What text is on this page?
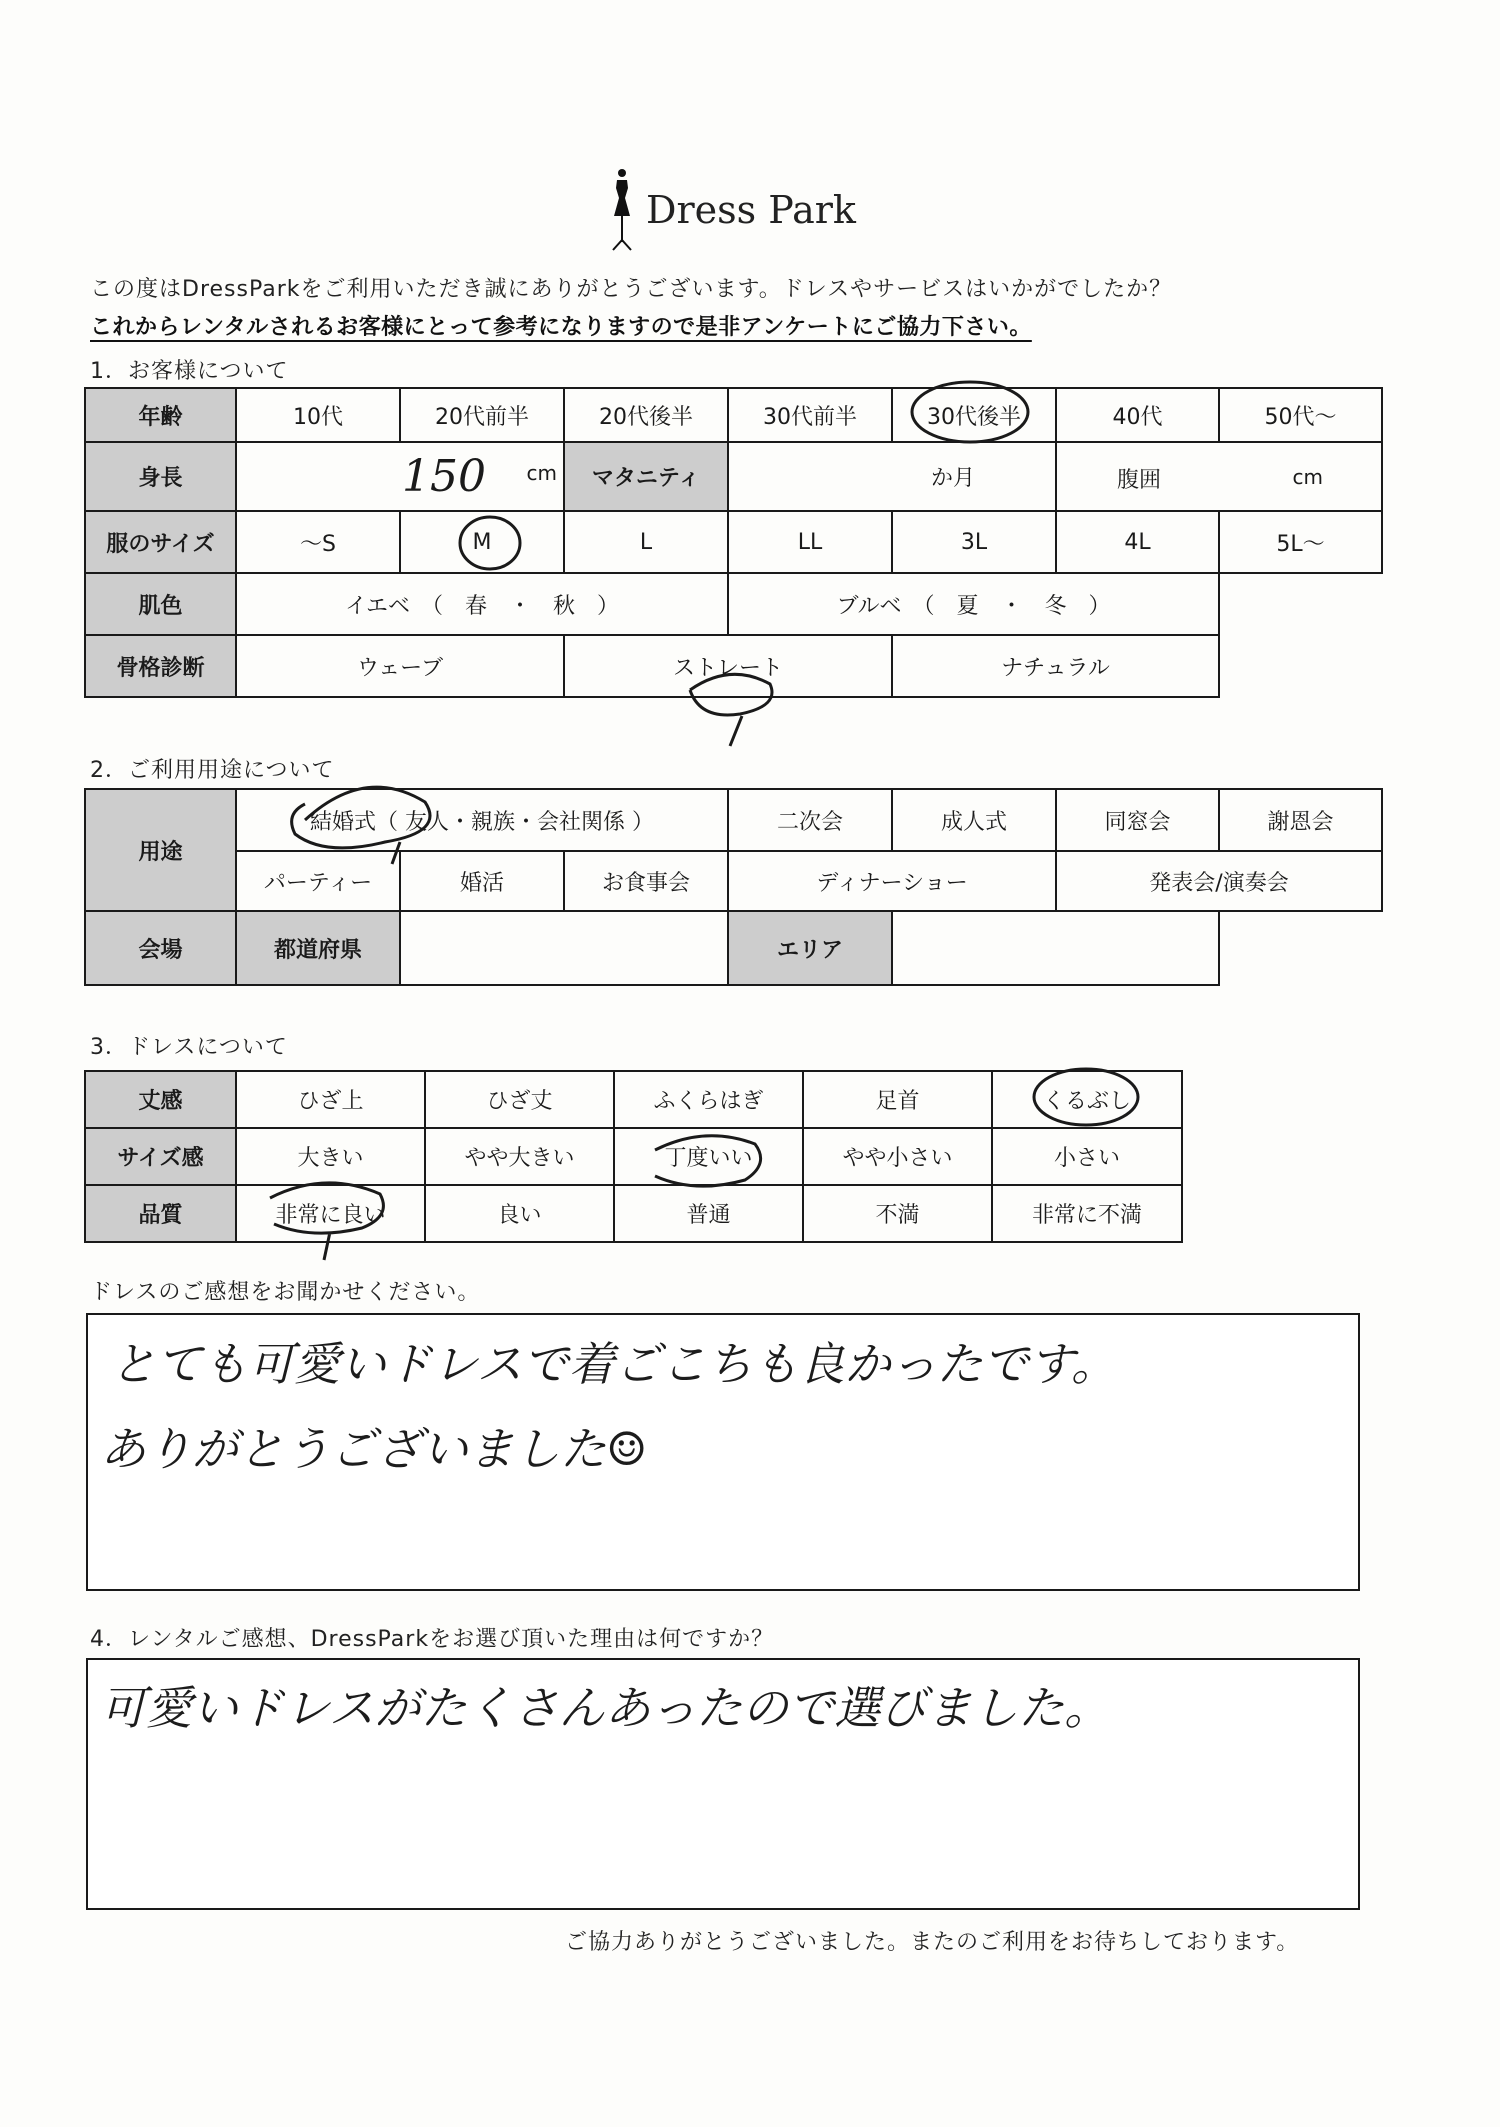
Dress Park
この度はDressParkをご利用いただき誠にありがとうございます。ドレスやサービスはいかがでしたか？
これからレンタルされるお客様にとって参考になりますので是非アンケートにご協力下さい。
1．お客様について
年齢	10代	20代前半	20代後半	30代前半	30代後半	40代	50代〜
身長	150 cm		マタニティ	か月		腹囲 cm	

服のサイズ	〜S	M	L	LL	3L	4L	5L〜
肌色	イエベ　（　春　・　秋　）			ブルベ　（　夏　・　冬　）			
骨格診断	ウェーブ		ストレート		ナチュラル		
2．ご利用用途について
用途	結婚式（ 友人・親族・会社関係 ）			二次会	成人式	同窓会	謝恩会
	パーティー	婚活	お食事会	ディナーショー		発表会/演奏会	
会場	都道府県			エリア			
3．ドレスについて
丈感	ひざ上	ひざ丈	ふくらはぎ	足首	くるぶし
サイズ感	大きい	やや大きい	丁度いい	やや小さい	小さい
品質	非常に良い	良い	普通	不満	非常に不満
ドレスのご感想をお聞かせください。
とても可愛いドレスで着ごこちも良かったです。
ありがとうございました☺
4．レンタルご感想、DressParkをお選び頂いた理由は何ですか？
可愛いドレスがたくさんあったので選びました。
ご協力ありがとうございました。またのご利用をお待ちしております。
